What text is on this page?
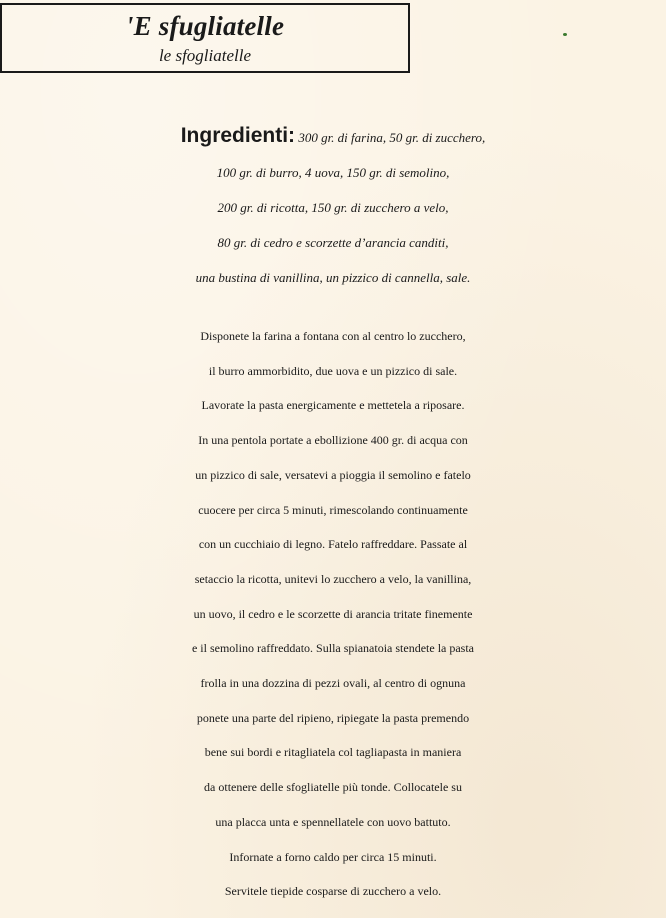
'E sfugliatelle
le sfogliatelle
Ingredienti: 300 gr. di farina, 50 gr. di zucchero,
100 gr. di burro, 4 uova, 150 gr. di semolino,
200 gr. di ricotta, 150 gr. di zucchero a velo,
80 gr. di cedro e scorzette d’arancia canditi,
una bustina di vanillina, un pizzico di cannella, sale.
Disponete la farina a fontana con al centro lo zucchero,
il burro ammorbidito, due uova e un pizzico di sale.
Lavorate la pasta energicamente e mettetela a riposare.
In una pentola portate a ebollizione 400 gr. di acqua con
un pizzico di sale, versatevi a pioggia il semolino e fatelo
cuocere per circa 5 minuti, rimescolando continuamente
con un cucchiaio di legno. Fatelo raffreddare. Passate al
setaccio la ricotta, unitevi lo zucchero a velo, la vanillina,
un uovo, il cedro e le scorzette di arancia tritate finemente
e il semolino raffreddato. Sulla spianatoia stendete la pasta
frolla in una dozzina di pezzi ovali, al centro di ognuna
ponete una parte del ripieno, ripiegate la pasta premendo
bene sui bordi e ritagliatela col tagliapasta in maniera
da ottenere delle sfogliatelle più tonde. Collocatele su
una placca unta e spennellatele con uovo battuto.
Infornate a forno caldo per circa 15 minuti.
Servitele tiepide cosparse di zucchero a velo.
